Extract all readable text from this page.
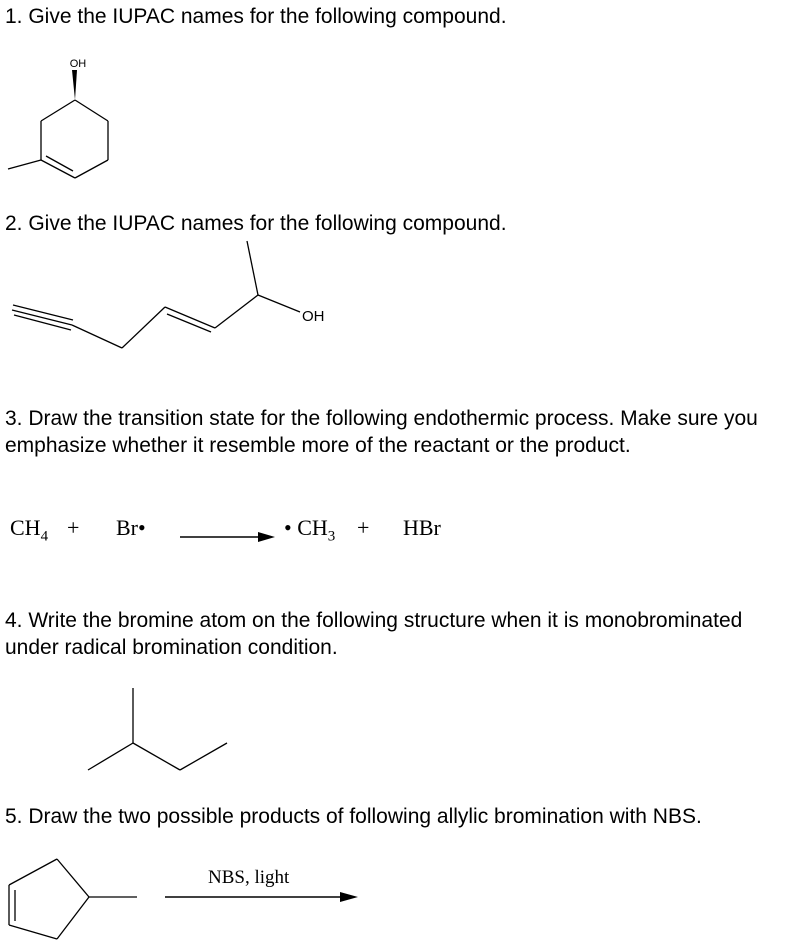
1. Give the IUPAC names for the following compound.

OH

2. Give the IUPAC names for the following compound.

OH

3. Draw the transition state for the following endothermic process. Make sure you emphasize whether it resemble more of the reactant or the product.

$CH_4$ + Br•	• $CH_3$ + HBr

4. Write the bromine atom on the following structure when it is monobrominated under radical bromination condition.

5. Draw the two possible products of following allylic bromination with NBS.

NBS, light
